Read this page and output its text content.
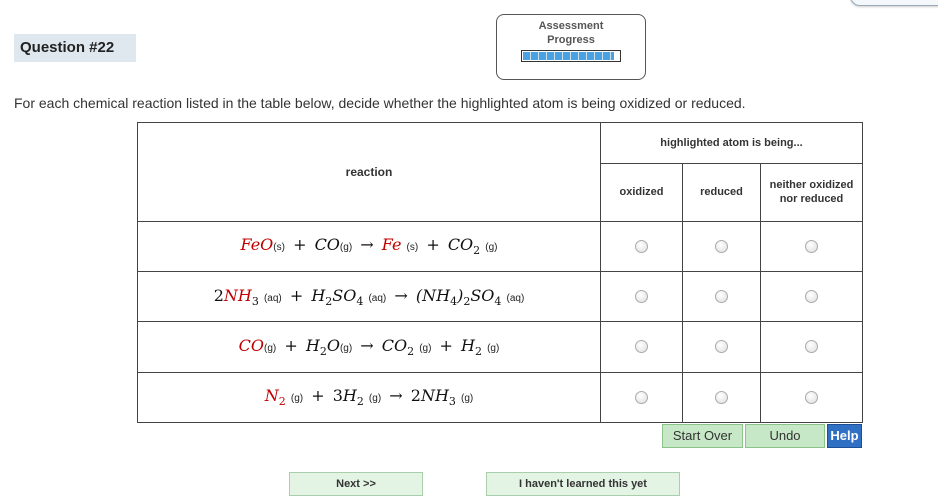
Question #22
Assessment
Progress
For each chemical reaction listed in the table below, decide whether the highlighted atom is being oxidized or reduced.
reaction	highlighted atom is being...		
	oxidized	reduced	neither oxidized nor reduced
FeO(s) + CO(g) → Fe $(s) + CO_2$ (g)			
$2NH_3$ $(aq) + H_2SO_4$ $(aq) \to (NH_4)_2SO_4$ (aq)			
$CO(g) + H_2O(g) \to CO_2$ $(g) + H_2$ (g)			
$N_2$ $(g) + 3H_2$ $(g) \to 2NH_3$ (g)			
Start Over	Undo	Help
Next >>	I haven't learned this yet
